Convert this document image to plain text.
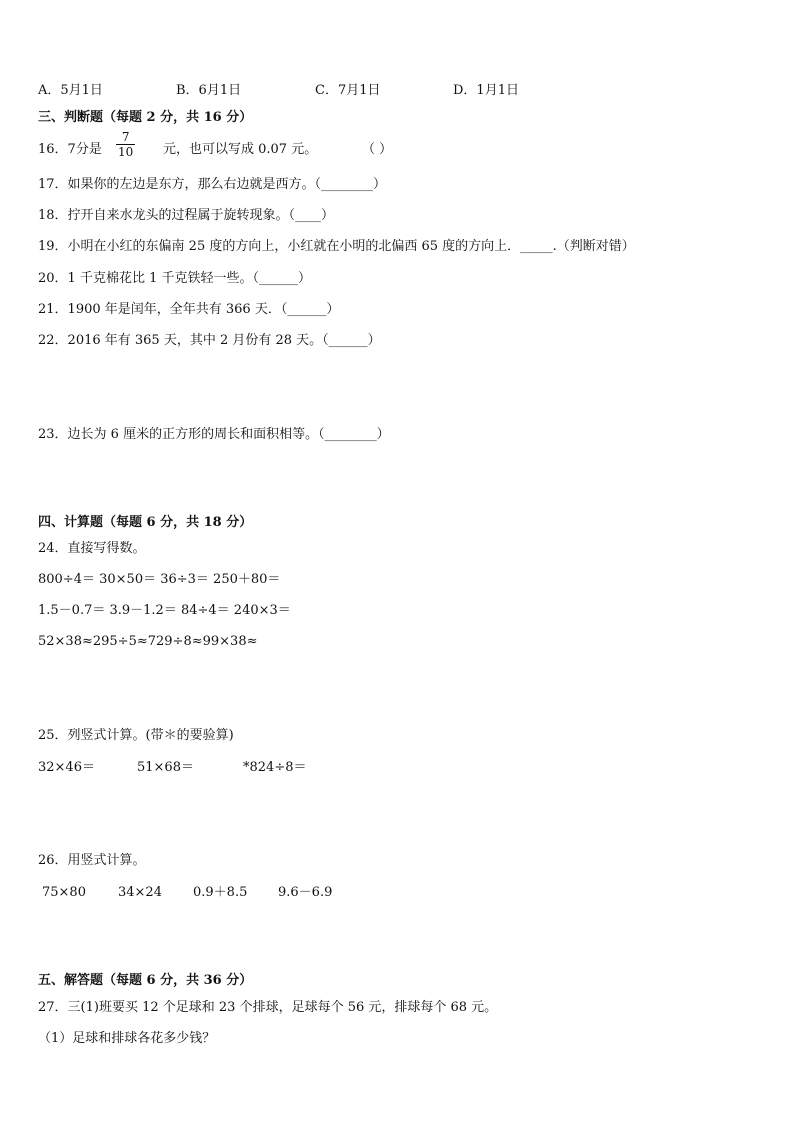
A．5月1日	B．6月1日	C．7月1日	D．1月1日
三、判断题（每题 2 分，共 16 分）
16．7分是 $\frac{7}{10}$ 元，也可以写成 0.07 元。	（ ）
17．如果你的左边是东方，那么右边就是西方。（________）
18．拧开自来水龙头的过程属于旋转现象。（____）
19．小明在小红的东偏南 25 度的方向上，小红就在小明的北偏西 65 度的方向上．_____.（判断对错）
20．1 千克棉花比 1 千克铁轻一些。（______）
21．1900 年是闰年，全年共有 366 天．（______）
22．2016 年有 365 天，其中 2 月份有 28 天。（______）
23．边长为 6 厘米的正方形的周长和面积相等。（________）
四、计算题（每题 6 分，共 18 分）
24．直接写得数。
800÷4＝ 30×50＝ 36÷3＝ 250＋80＝
1.5－0.7＝ 3.9－1.2＝ 84÷4＝ 240×3＝
52×38≈295÷5≈729÷8≈99×38≈
25．列竖式计算。(带＊的要验算)
32×46＝	51×68＝	*824÷8＝
26．用竖式计算。
75×80 34×24 0.9＋8.5 9.6－6.9
五、解答题（每题 6 分，共 36 分）
27．三(1)班要买 12 个足球和 23 个排球，足球每个 56 元，排球每个 68 元。
（1）足球和排球各花多少钱？
